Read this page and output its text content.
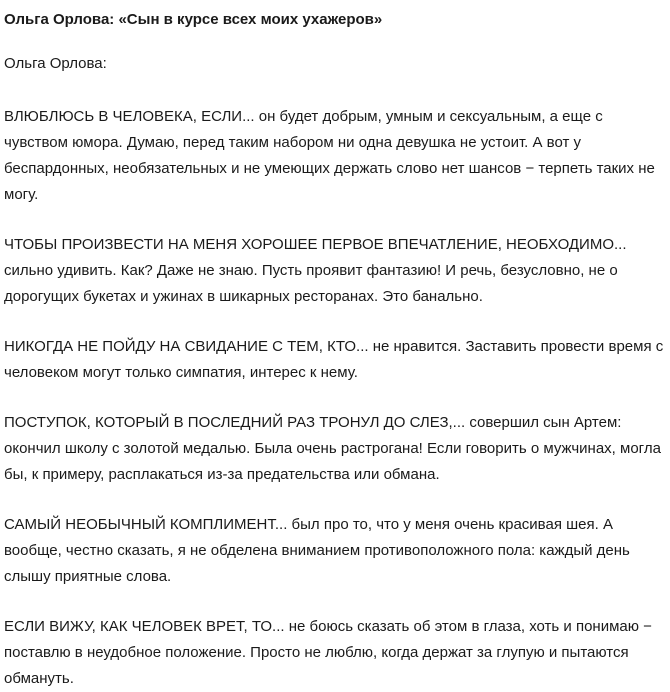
Ольга Орлова: «Сын в курсе всех моих ухажеров»
Ольга Орлова:

ВЛЮБЛЮСЬ В ЧЕЛОВЕКА, ЕСЛИ... он будет добрым, умным и сексуальным, а еще с чувством юмора. Думаю, перед таким набором ни одна девушка не устоит. А вот у беспардонных, необязательных и не умеющих держать слово нет шансов − терпеть таких не могу.

ЧТОБЫ ПРОИЗВЕСТИ НА МЕНЯ ХОРОШЕЕ ПЕРВОЕ ВПЕЧАТЛЕНИЕ, НЕОБХОДИМО... сильно удивить. Как? Даже не знаю. Пусть проявит фантазию! И речь, безусловно, не о дорогущих букетах и ужинах в шикарных ресторанах. Это банально.

НИКОГДА НЕ ПОЙДУ НА СВИДАНИЕ С ТЕМ, КТО... не нравится. Заставить провести время с человеком могут только симпатия, интерес к нему.

ПОСТУПОК, КОТОРЫЙ В ПОСЛЕДНИЙ РАЗ ТРОНУЛ ДО СЛЕЗ,... совершил сын Артем: окончил школу с золотой медалью. Была очень растрогана! Если говорить о мужчинах, могла бы, к примеру, расплакаться из-за предательства или обмана.

САМЫЙ НЕОБЫЧНЫЙ КОМПЛИМЕНТ... был про то, что у меня очень красивая шея. А вообще, честно сказать, я не обделена вниманием противоположного пола: каждый день слышу приятные слова.

ЕСЛИ ВИЖУ, КАК ЧЕЛОВЕК ВРЕТ, ТО... не боюсь сказать об этом в глаза, хоть и понимаю − поставлю в неудобное положение. Просто не люблю, когда держат за глупую и пытаются обмануть.
